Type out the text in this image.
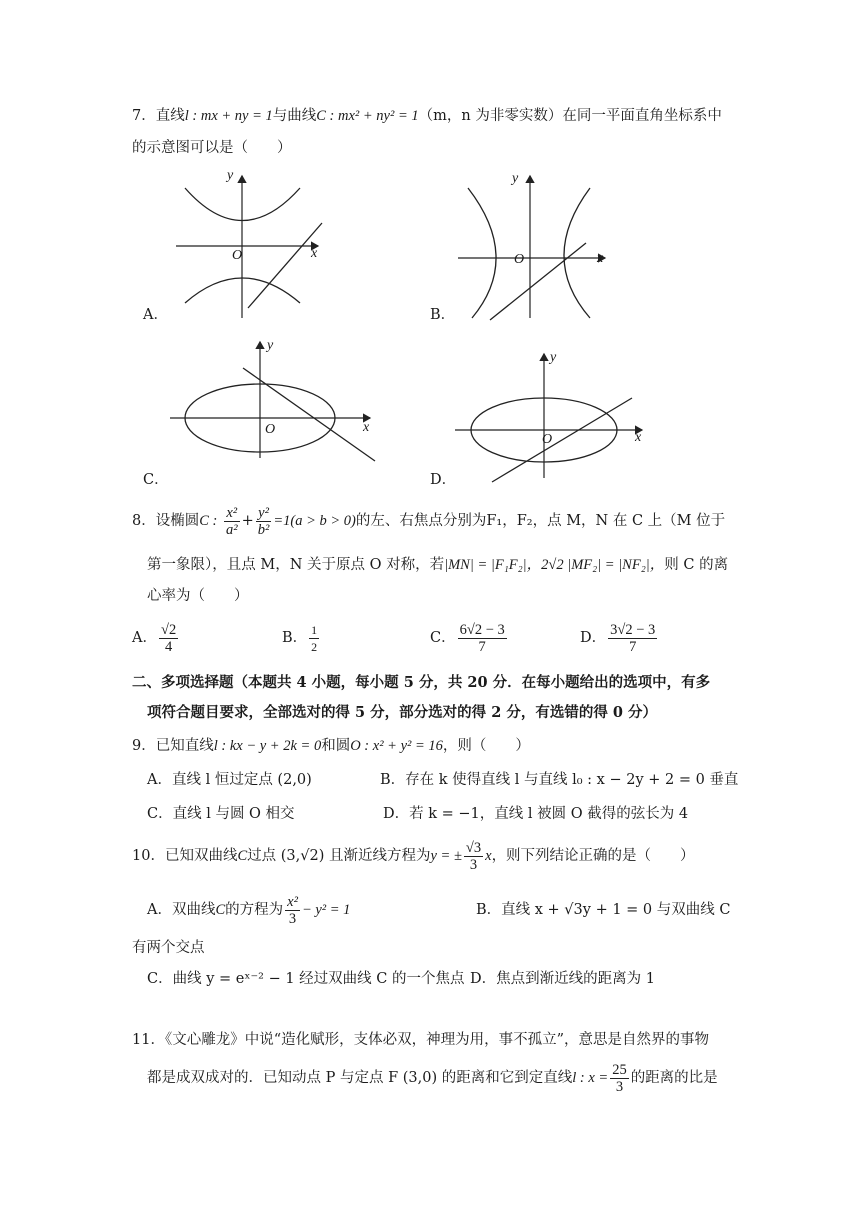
7．直线l : mx + ny = 1与曲线C : mx² + ny² = 1（m，n 为非零实数）在同一平面直角坐标系中
的示意图可以是（　　）
y
x
O
A．
y
x
O
B．
y
x
O
C．
y
x
O
D．
8．设椭圆C : $\frac{\text{x²}}{\text{a²}} + \frac{\text{y²}}{\text{b²}} =1(a > b > 0)$的左、右焦点分别为F₁，F₂，点 M，N 在 C 上（M 位于
第一象限），且点 M，N 关于原点 O 对称，若|MN| = |F₁F₂|，2√2 |MF₂| = |NF₂|，则 C 的离
心率为（　　）
A． $\frac{√2}{4}$	B． $\frac{1}{2}$	C． $\frac{6√2 - 3}{7}$	D． $\frac{3√2 - 3}{7}$
二、多项选择题（本题共 4 小题，每小题 5 分，共 20 分．在每小题给出的选项中，有多
项符合题目要求，全部选对的得 5 分，部分选对的得 2 分，有选错的得 0 分）
9．已知直线l : kx − y + 2k = 0和圆O : x² + y² = 16，则（　　）
A．直线 l 恒过定点 (2,0)	B．存在 k 使得直线 l 与直线 l₀ : x − 2y + 2 = 0 垂直
C．直线 l 与圆 O 相交	D．若 k = −1，直线 l 被圆 O 截得的弦长为 4
10．已知双曲线C过点 (3,√2) 且渐近线方程为y = ± $\frac{√3}{3}$ x，则下列结论正确的是（　　）
A．双曲线C的方程为 $\frac{\text{x²}}{3} - y^2 = 1$	B．直线 x + √3y + 1 = 0 与双曲线 C
有两个交点
C．曲线 y = eˣ⁻² − 1 经过双曲线 C 的一个焦点 D．焦点到渐近线的距离为 1
11．《文心雕龙》中说“造化赋形，支体必双，神理为用，事不孤立”，意思是自然界的事物
都是成双成对的．已知动点 P 与定点 F (3,0) 的距离和它到定直线l : $x = \frac{25}{3}$ 的距离的比是
